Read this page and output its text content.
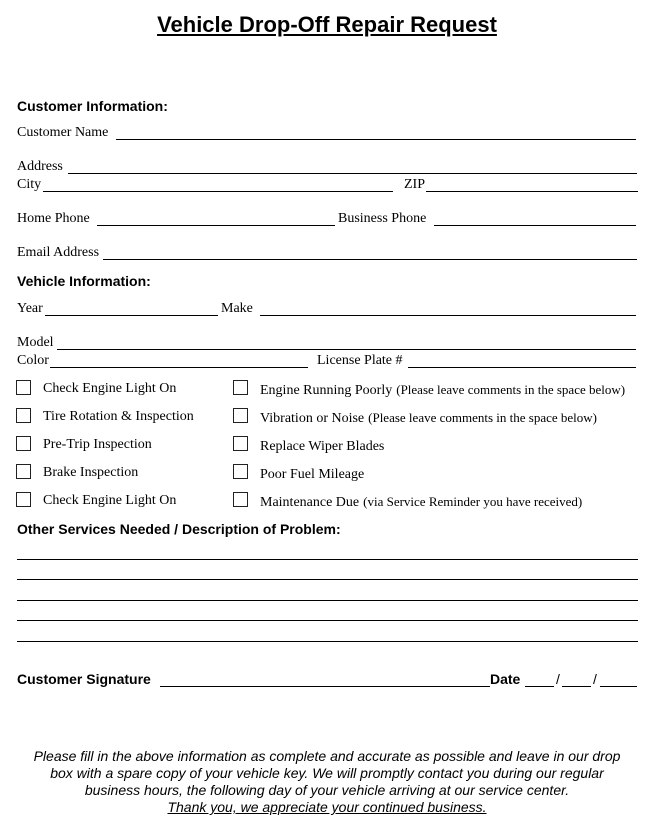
Vehicle Drop-Off Repair Request
Customer Information:
Customer Name
Address
City	ZIP
Home Phone	Business Phone
Email Address
Vehicle Information:
Year	Make
Model
Color	License Plate #
Check Engine Light On
Tire Rotation & Inspection
Pre-Trip Inspection
Brake Inspection
Check Engine Light On
Engine Running Poorly (Please leave comments in the space below)
Vibration or Noise (Please leave comments in the space below)
Replace Wiper Blades
Poor Fuel Mileage
Maintenance Due (via Service Reminder you have received)
Other Services Needed / Description of Problem:
Customer Signature	Date	/ /
Please fill in the above information as complete and accurate as possible and leave in our drop
box with a spare copy of your vehicle key. We will promptly contact you during our regular
business hours, the following day of your vehicle arriving at our service center.
Thank you, we appreciate your continued business.
